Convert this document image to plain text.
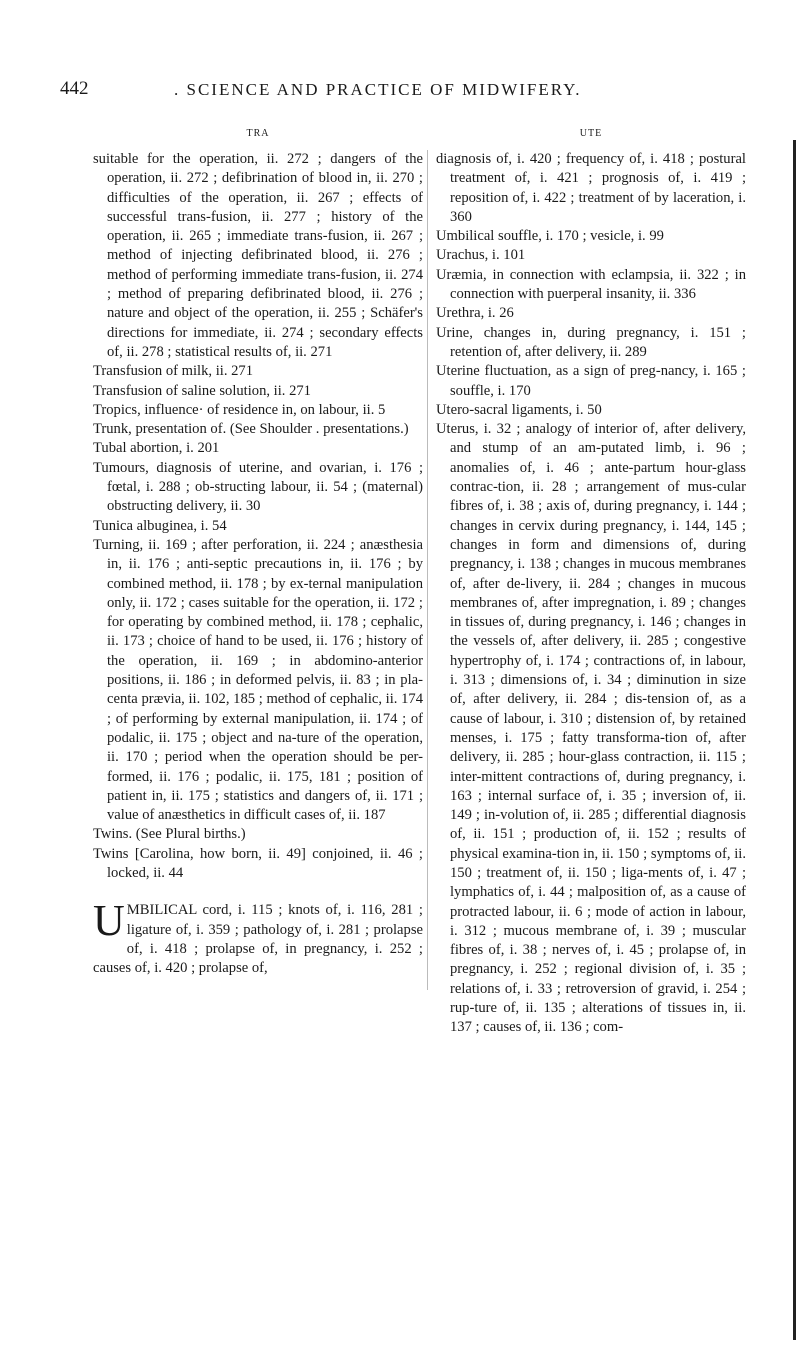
442	. SCIENCE AND PRACTICE OF MIDWIFERY.
TRA

suitable for the operation, ii. 272 ; dangers of the operation, ii. 272 ; defibrination of blood in, ii. 270 ; difficulties of the operation, ii. 267 ; effects of successful trans-fusion, ii. 277 ; history of the operation, ii. 265 ; immediate trans-fusion, ii. 267 ; method of injecting defibrinated blood, ii. 276 ; method of performing immediate trans-fusion, ii. 274 ; method of preparing defibrinated blood, ii. 276 ; nature and object of the operation, ii. 255 ; Schäfer's directions for immediate, ii. 274 ; secondary effects of, ii. 278 ; statistical results of, ii. 271

Transfusion of milk, ii. 271

Transfusion of saline solution, ii. 271

Tropics, influence· of residence in, on labour, ii. 5

Trunk, presentation of. (See Shoulder . presentations.)

Tubal abortion, i. 201

Tumours, diagnosis of uterine, and ovarian, i. 176 ; fœtal, i. 288 ; ob-structing labour, ii. 54 ; (maternal) obstructing delivery, ii. 30

Tunica albuginea, i. 54

Turning, ii. 169 ; after perforation, ii. 224 ; anæsthesia in, ii. 176 ; anti-septic precautions in, ii. 176 ; by combined method, ii. 178 ; by ex-ternal manipulation only, ii. 172 ; cases suitable for the operation, ii. 172 ; for operating by combined method, ii. 178 ; cephalic, ii. 173 ; choice of hand to be used, ii. 176 ; history of the operation, ii. 169 ; in abdomino-anterior positions, ii. 186 ; in deformed pelvis, ii. 83 ; in pla-centa prævia, ii. 102, 185 ; method of cephalic, ii. 174 ; of performing by external manipulation, ii. 174 ; of podalic, ii. 175 ; object and na-ture of the operation, ii. 170 ; period when the operation should be per-formed, ii. 176 ; podalic, ii. 175, 181 ; position of patient in, ii. 175 ; statistics and dangers of, ii. 171 ; value of anæsthetics in difficult cases of, ii. 187

Twins. (See Plural births.)

Twins [Carolina, how born, ii. 49] conjoined, ii. 46 ; locked, ii. 44

U MBILICAL cord, i. 115 ; knots of, i. 116, 281 ; ligature of, i. 359 ; pathology of, i. 281 ; prolapse of, i. 418 ; prolapse of, in pregnancy, i. 252 ; causes of, i. 420 ; prolapse of,
UTE

diagnosis of, i. 420 ; frequency of, i. 418 ; postural treatment of, i. 421 ; prognosis of, i. 419 ; reposition of, i. 422 ; treatment of by laceration, i. 360

Umbilical souffle, i. 170 ; vesicle, i. 99

Urachus, i. 101

Uræmia, in connection with eclampsia, ii. 322 ; in connection with puerperal insanity, ii. 336

Urethra, i. 26

Urine, changes in, during pregnancy, i. 151 ; retention of, after delivery, ii. 289

Uterine fluctuation, as a sign of preg-nancy, i. 165 ; souffle, i. 170

Utero-sacral ligaments, i. 50

Uterus, i. 32 ; analogy of interior of, after delivery, and stump of an am-putated limb, i. 96 ; anomalies of, i. 46 ; ante-partum hour-glass contrac-tion, ii. 28 ; arrangement of mus-cular fibres of, i. 38 ; axis of, during pregnancy, i. 144 ; changes in cervix during pregnancy, i. 144, 145 ; changes in form and dimensions of, during pregnancy, i. 138 ; changes in mucous membranes of, after de-livery, ii. 284 ; changes in mucous membranes of, after impregnation, i. 89 ; changes in tissues of, during pregnancy, i. 146 ; changes in the vessels of, after delivery, ii. 285 ; congestive hypertrophy of, i. 174 ; contractions of, in labour, i. 313 ; dimensions of, i. 34 ; diminution in size of, after delivery, ii. 284 ; dis-tension of, as a cause of labour, i. 310 ; distension of, by retained menses, i. 175 ; fatty transforma-tion of, after delivery, ii. 285 ; hour-glass contraction, ii. 115 ; inter-mittent contractions of, during pregnancy, i. 163 ; internal surface of, i. 35 ; inversion of, ii. 149 ; in-volution of, ii. 285 ; differential diagnosis of, ii. 151 ; production of, ii. 152 ; results of physical examina-tion in, ii. 150 ; symptoms of, ii. 150 ; treatment of, ii. 150 ; liga-ments of, i. 47 ; lymphatics of, i. 44 ; malposition of, as a cause of protracted labour, ii. 6 ; mode of action in labour, i. 312 ; mucous membrane of, i. 39 ; muscular fibres of, i. 38 ; nerves of, i. 45 ; prolapse of, in pregnancy, i. 252 ; regional division of, i. 35 ; relations of, i. 33 ; retroversion of gravid, i. 254 ; rup-ture of, ii. 135 ; alterations of tissues in, ii. 137 ; causes of, ii. 136 ; com-
